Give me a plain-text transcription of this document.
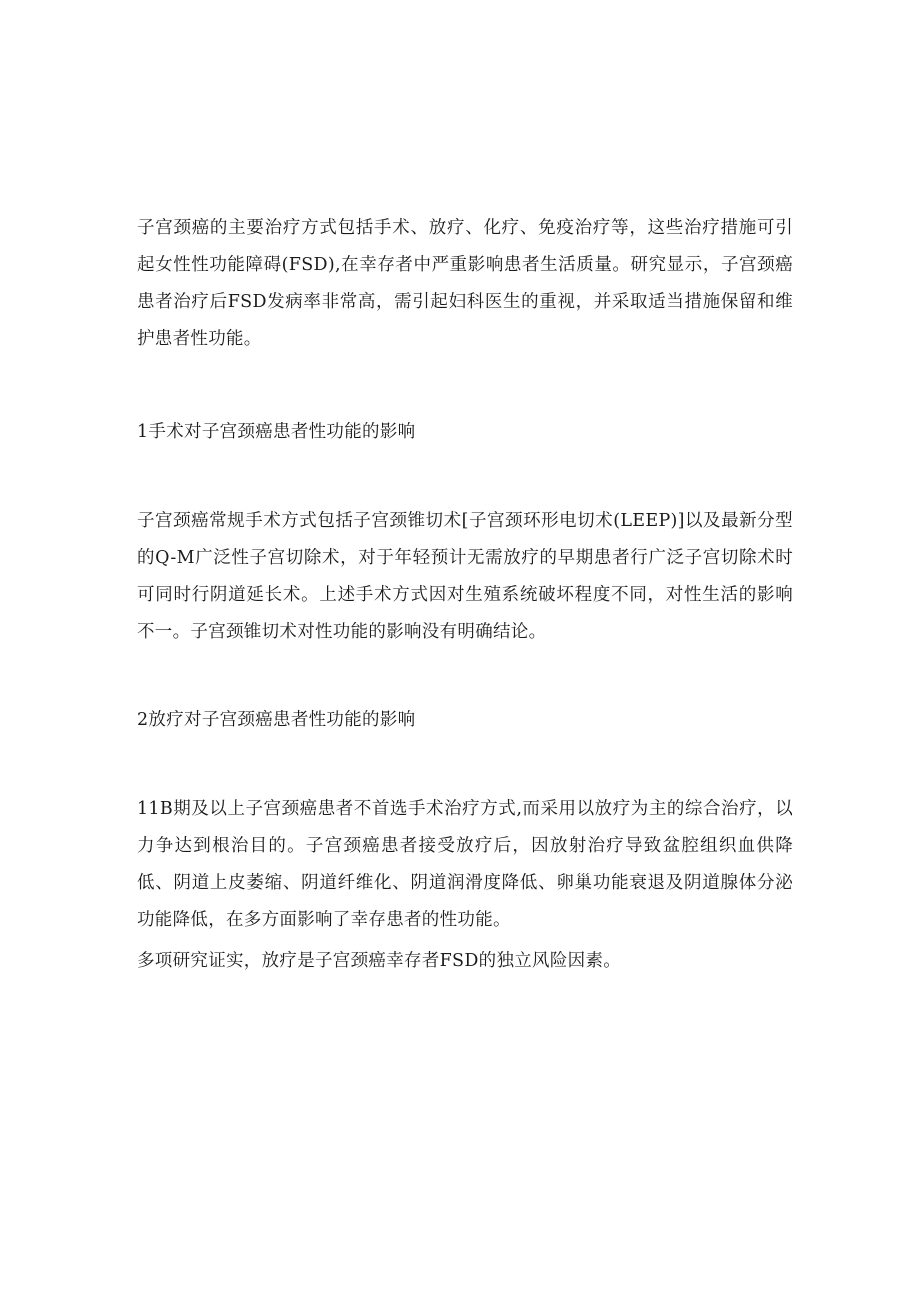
子宫颈癌的主要治疗方式包括手术、放疗、化疗、免疫治疗等，这些治疗措施可引起女性性功能障碍(FSD),在幸存者中严重影响患者生活质量。研究显示，子宫颈癌患者治疗后FSD发病率非常高，需引起妇科医生的重视，并采取适当措施保留和维护患者性功能。

1手术对子宫颈癌患者性功能的影响

子宫颈癌常规手术方式包括子宫颈锥切术[子宫颈环形电切术(LEEP)]以及最新分型的Q-M广泛性子宫切除术，对于年轻预计无需放疗的早期患者行广泛子宫切除术时可同时行阴道延长术。上述手术方式因对生殖系统破坏程度不同，对性生活的影响不一。子宫颈锥切术对性功能的影响没有明确结论。

2放疗对子宫颈癌患者性功能的影响

11B期及以上子宫颈癌患者不首选手术治疗方式,而采用以放疗为主的综合治疗，以力争达到根治目的。子宫颈癌患者接受放疗后，因放射治疗导致盆腔组织血供降低、阴道上皮萎缩、阴道纤维化、阴道润滑度降低、卵巢功能衰退及阴道腺体分泌功能降低，在多方面影响了幸存患者的性功能。

多项研究证实，放疗是子宫颈癌幸存者FSD的独立风险因素。
